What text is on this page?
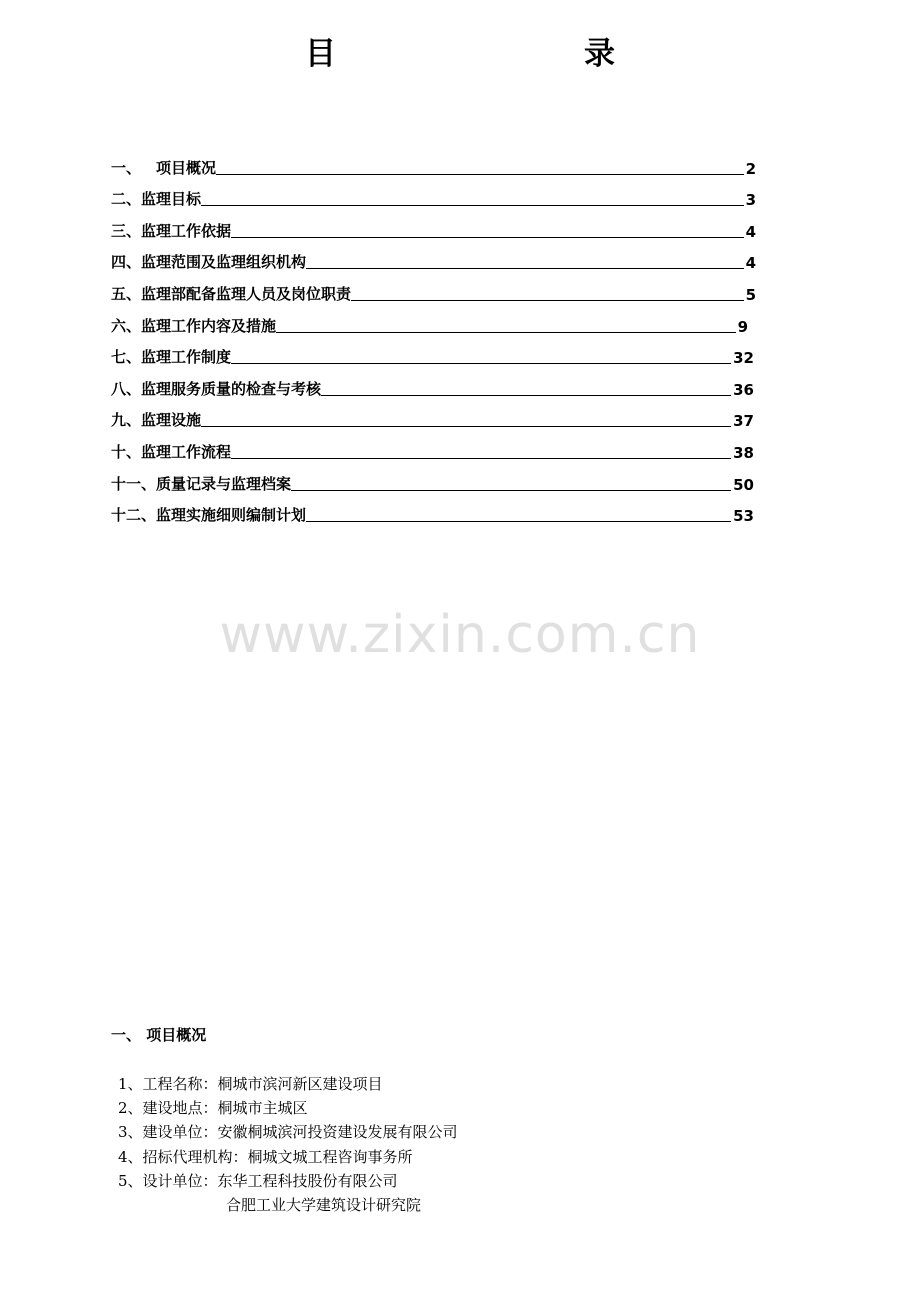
目　　录
一、 　项目概况	2
二、 监理目标	3
三、 监理工作依据	4
四、 监理范围及监理组织机构	4
五、 监理部配备监理人员及岗位职责	5
六、 监理工作内容及措施	9
七、 监理工作制度	32
八、 监理服务质量的检查与考核	36
九、 监理设施	37
十、 监理工作流程	38
十一、 质量记录与监理档案	50
十二、 监理实施细则编制计划	53
www.zixin.com.cn
一、 项目概况
1、工程名称：桐城市滨河新区建设项目
2、建设地点：桐城市主城区
3、建设单位：安徽桐城滨河投资建设发展有限公司
4、招标代理机构：桐城文城工程咨询事务所
5、设计单位：东华工程科技股份有限公司
合肥工业大学建筑设计研究院
